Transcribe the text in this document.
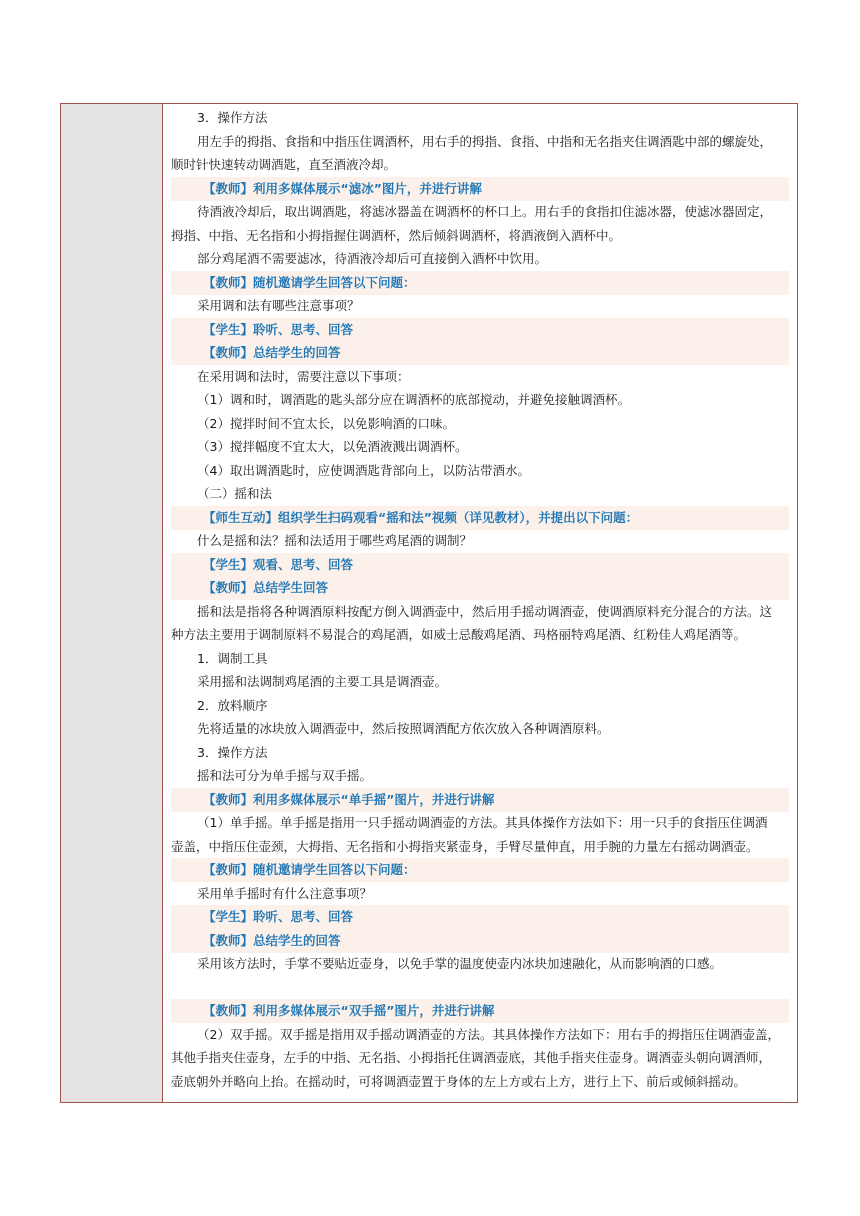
3．操作方法
用左手的拇指、食指和中指压住调酒杯，用右手的拇指、食指、中指和无名指夹住调酒匙中部的螺旋处，
顺时针快速转动调酒匙，直至酒液冷却。
【教师】利用多媒体展示“滤冰”图片，并进行讲解
待酒液冷却后，取出调酒匙，将滤冰器盖在调酒杯的杯口上。用右手的食指扣住滤冰器，使滤冰器固定，
拇指、中指、无名指和小拇指握住调酒杯，然后倾斜调酒杯，将酒液倒入酒杯中。
部分鸡尾酒不需要滤冰，待酒液冷却后可直接倒入酒杯中饮用。
【教师】随机邀请学生回答以下问题：
采用调和法有哪些注意事项？
【学生】聆听、思考、回答
【教师】总结学生的回答
在采用调和法时，需要注意以下事项：
（1）调和时，调酒匙的匙头部分应在调酒杯的底部搅动，并避免接触调酒杯。
（2）搅拌时间不宜太长，以免影响酒的口味。
（3）搅拌幅度不宜太大，以免酒液溅出调酒杯。
（4）取出调酒匙时，应使调酒匙背部向上，以防沾带酒水。
（二）摇和法
【师生互动】组织学生扫码观看“摇和法”视频（详见教材），并提出以下问题：
什么是摇和法？摇和法适用于哪些鸡尾酒的调制？
【学生】观看、思考、回答
【教师】总结学生回答
摇和法是指将各种调酒原料按配方倒入调酒壶中，然后用手摇动调酒壶，使调酒原料充分混合的方法。这
种方法主要用于调制原料不易混合的鸡尾酒，如威士忌酸鸡尾酒、玛格丽特鸡尾酒、红粉佳人鸡尾酒等。
1．调制工具
采用摇和法调制鸡尾酒的主要工具是调酒壶。
2．放料顺序
先将适量的冰块放入调酒壶中，然后按照调酒配方依次放入各种调酒原料。
3．操作方法
摇和法可分为单手摇与双手摇。
【教师】利用多媒体展示“单手摇”图片，并进行讲解
（1）单手摇。单手摇是指用一只手摇动调酒壶的方法。其具体操作方法如下：用一只手的食指压住调酒
壶盖，中指压住壶颈，大拇指、无名指和小拇指夹紧壶身，手臂尽量伸直，用手腕的力量左右摇动调酒壶。
【教师】随机邀请学生回答以下问题：
采用单手摇时有什么注意事项？
【学生】聆听、思考、回答
【教师】总结学生的回答
采用该方法时，手掌不要贴近壶身，以免手掌的温度使壶内冰块加速融化，从而影响酒的口感。
【教师】利用多媒体展示“双手摇”图片，并进行讲解
（2）双手摇。双手摇是指用双手摇动调酒壶的方法。其具体操作方法如下：用右手的拇指压住调酒壶盖，
其他手指夹住壶身，左手的中指、无名指、小拇指托住调酒壶底，其他手指夹住壶身。调酒壶头朝向调酒师，
壶底朝外并略向上抬。在摇动时，可将调酒壶置于身体的左上方或右上方，进行上下、前后或倾斜摇动。
